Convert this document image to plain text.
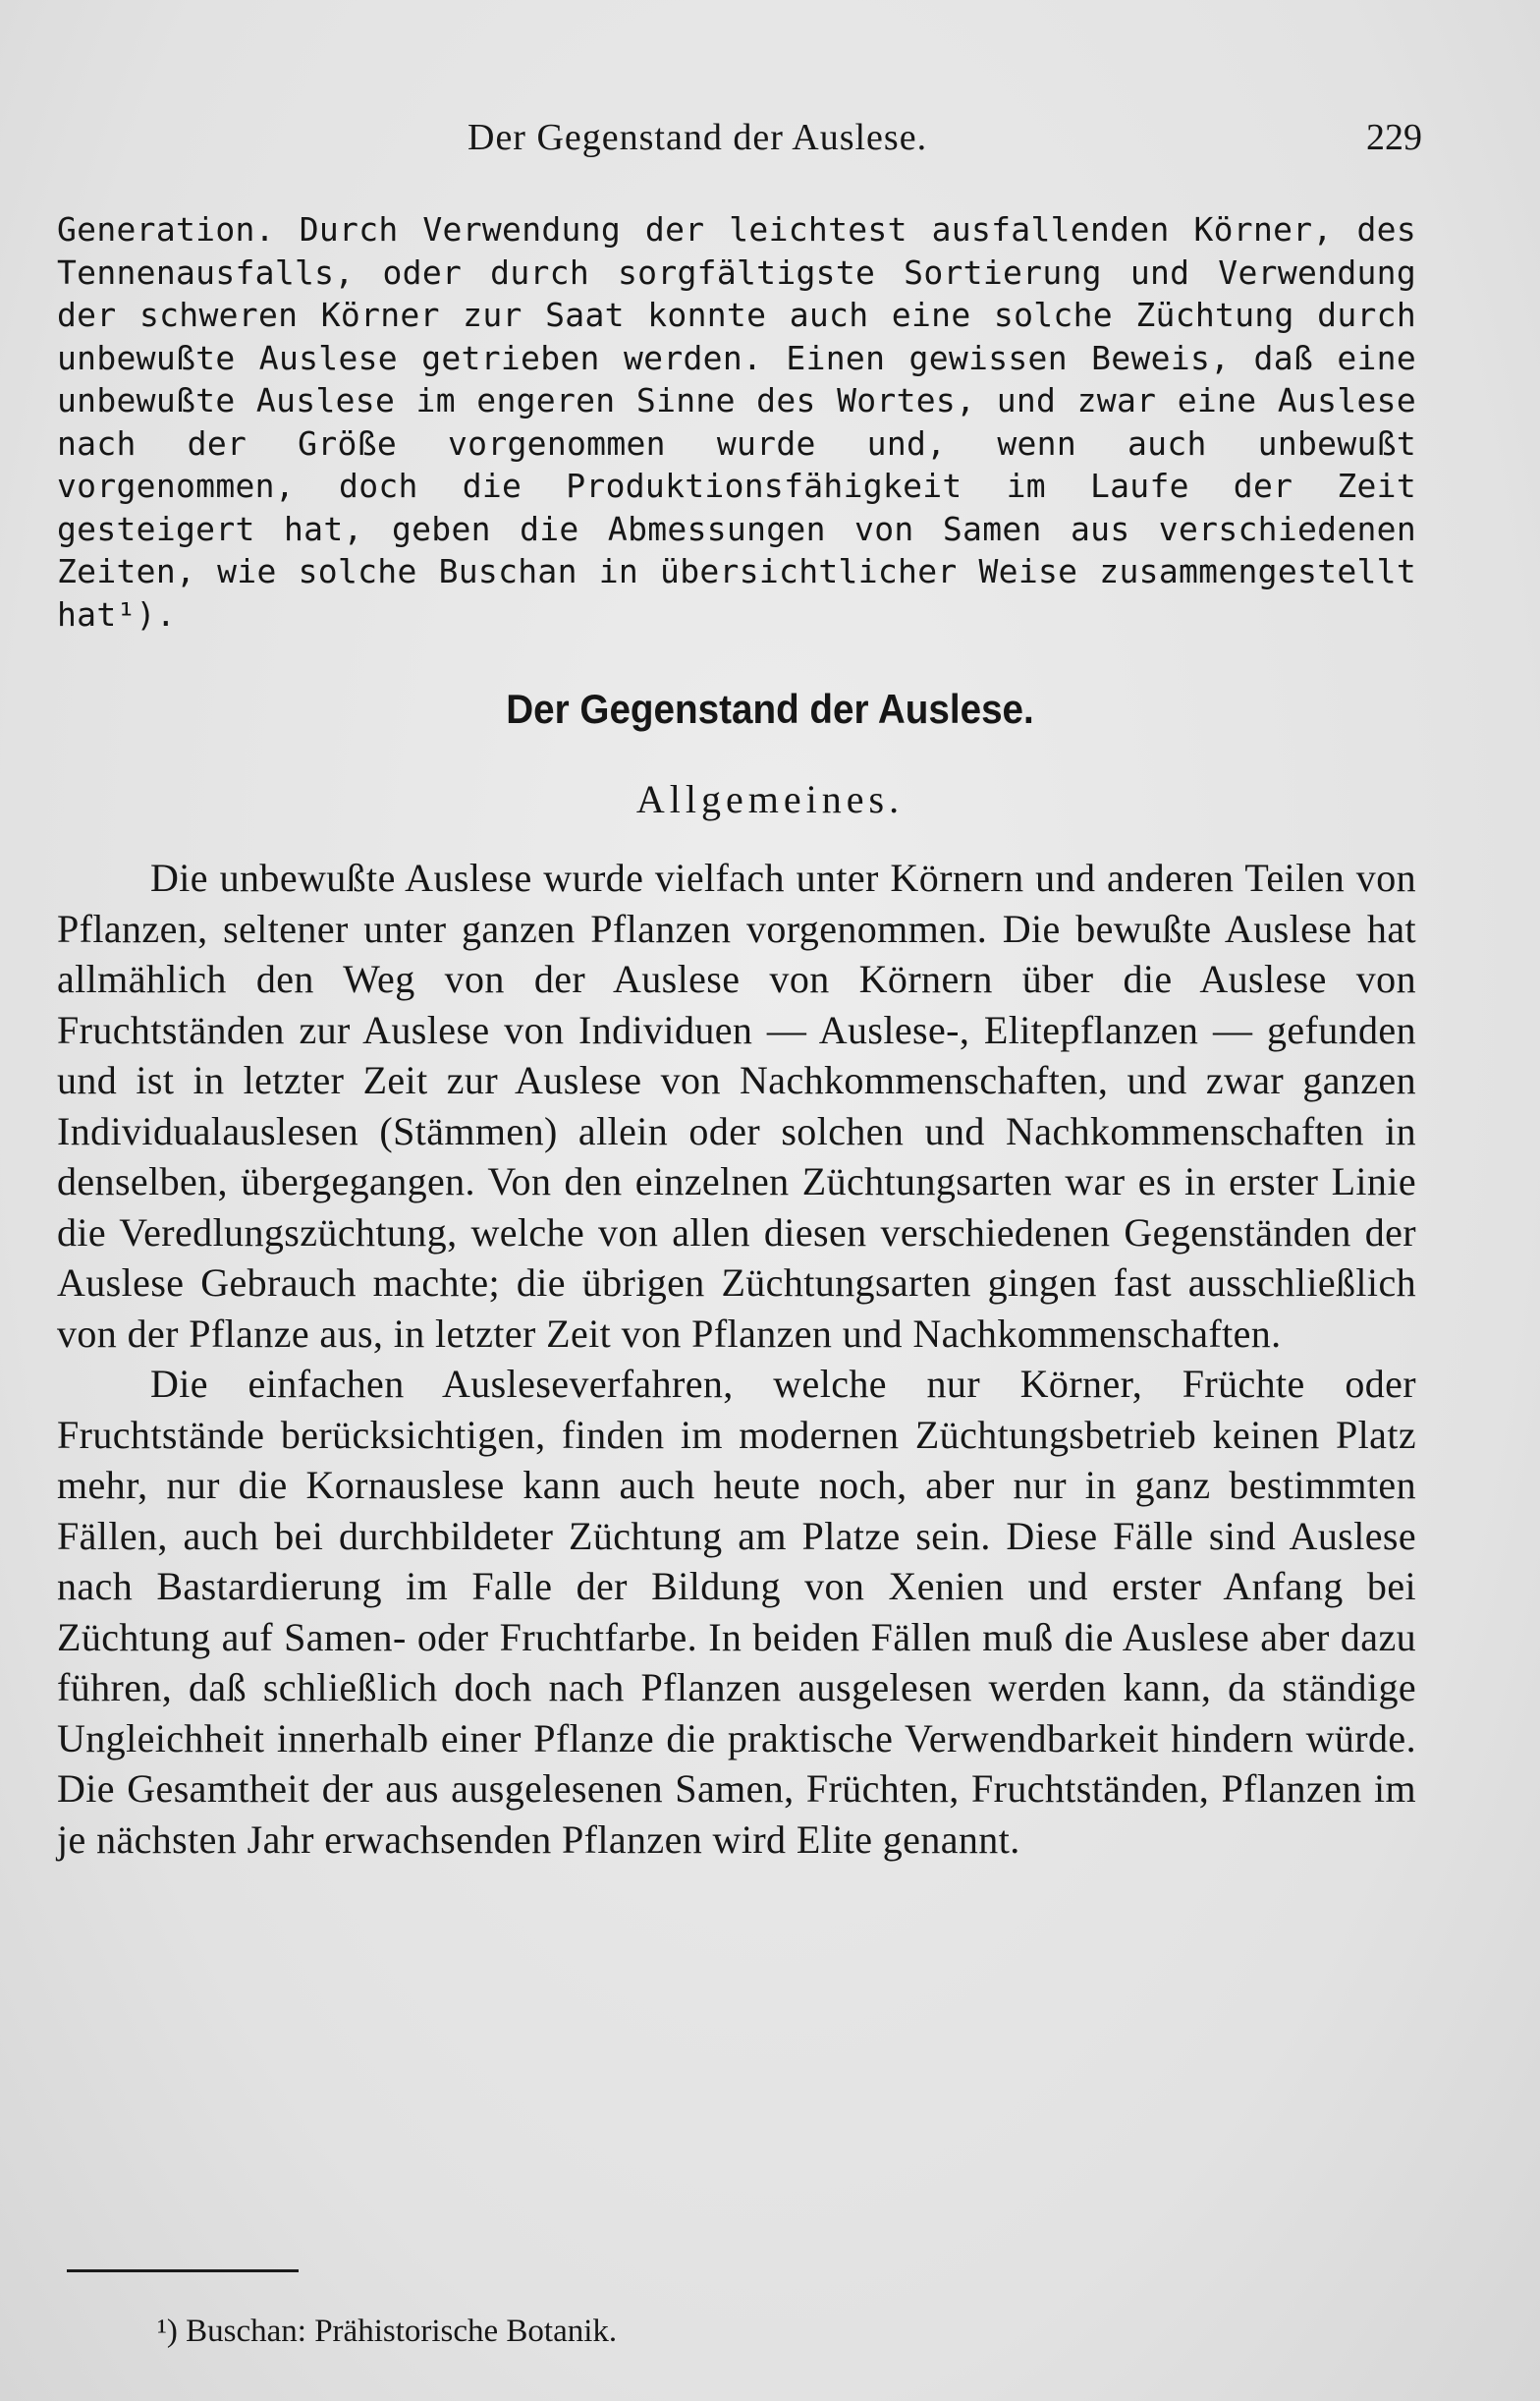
Der Gegenstand der Auslese.	229

Generation. Durch Verwendung der leichtest ausfallenden Körner, des Tennenausfalls, oder durch sorgfältigste Sortierung und Verwendung der schweren Körner zur Saat konnte auch eine solche Züchtung durch unbewußte Auslese getrieben werden. Einen gewissen Beweis, daß eine unbewußte Auslese im engeren Sinne des Wortes, und zwar eine Auslese nach der Größe vorgenommen wurde und, wenn auch unbewußt vorgenommen, doch die Produktionsfähigkeit im Laufe der Zeit gesteigert hat, geben die Abmessungen von Samen aus verschiedenen Zeiten, wie solche Buschan in übersichtlicher Weise zusammengestellt hat¹).

Der Gegenstand der Auslese.
Allgemeines.

Die unbewußte Auslese wurde vielfach unter Körnern und anderen Teilen von Pflanzen, seltener unter ganzen Pflanzen vorgenommen. Die bewußte Auslese hat allmählich den Weg von der Auslese von Körnern über die Auslese von Fruchtständen zur Auslese von Individuen — Auslese-, Elitepflanzen — gefunden und ist in letzter Zeit zur Auslese von Nachkommenschaften, und zwar ganzen Individualauslesen (Stämmen) allein oder solchen und Nachkommenschaften in denselben, übergegangen. Von den einzelnen Züchtungsarten war es in erster Linie die Veredlungszüchtung, welche von allen diesen verschiedenen Gegenständen der Auslese Gebrauch machte; die übrigen Züchtungsarten gingen fast ausschließlich von der Pflanze aus, in letzter Zeit von Pflanzen und Nachkommenschaften.

Die einfachen Ausleseverfahren, welche nur Körner, Früchte oder Fruchtstände berücksichtigen, finden im modernen Züchtungsbetrieb keinen Platz mehr, nur die Kornauslese kann auch heute noch, aber nur in ganz bestimmten Fällen, auch bei durchbildeter Züchtung am Platze sein. Diese Fälle sind Auslese nach Bastardierung im Falle der Bildung von Xenien und erster Anfang bei Züchtung auf Samen- oder Fruchtfarbe. In beiden Fällen muß die Auslese aber dazu führen, daß schließlich doch nach Pflanzen ausgelesen werden kann, da ständige Ungleichheit innerhalb einer Pflanze die praktische Verwendbarkeit hindern würde. Die Gesamtheit der aus ausgelesenen Samen, Früchten, Fruchtständen, Pflanzen im je nächsten Jahr erwachsenden Pflanzen wird Elite genannt.

¹) Buschan: Prähistorische Botanik.
